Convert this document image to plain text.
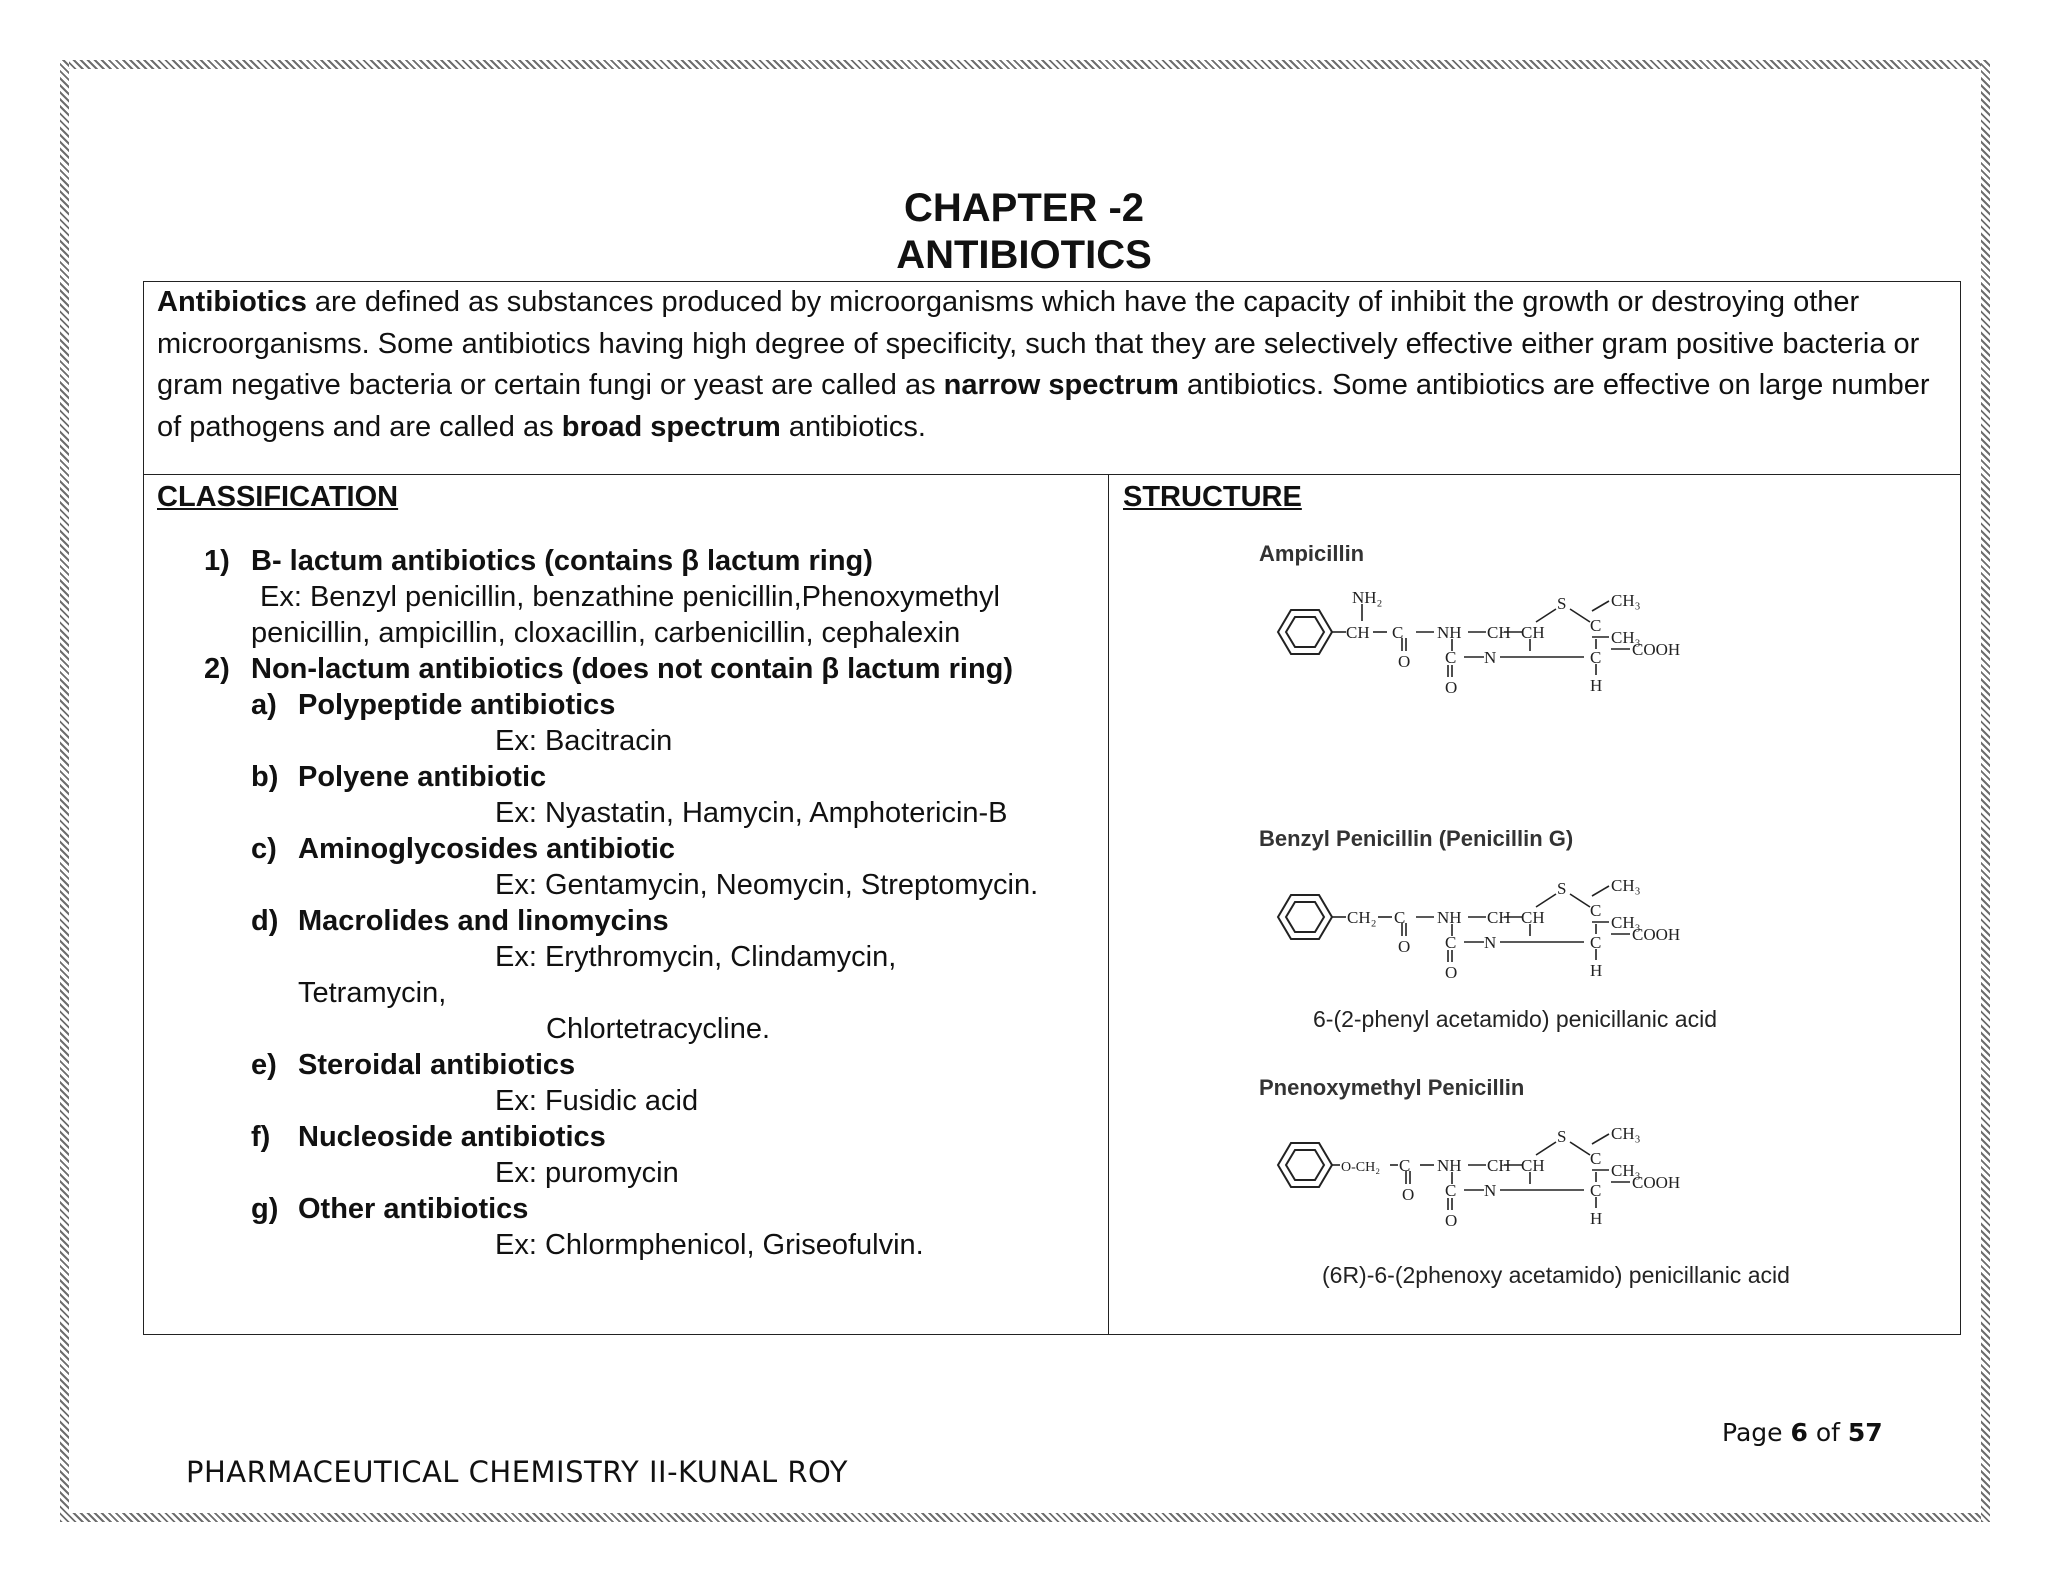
CHAPTER -2
ANTIBIOTICS
Antibiotics are defined as substances produced by microorganisms which have the capacity of inhibit the growth or destroying other microorganisms. Some antibiotics having high degree of specificity, such that they are selectively effective either gram positive bacteria or gram negative bacteria or certain fungi or yeast are called as narrow spectrum antibiotics. Some antibiotics are effective on large number of pathogens and are called as broad spectrum antibiotics.
CLASSIFICATION	STRUCTURE
1) B- lactum antibiotics (contains β lactum ring)
Ex: Benzyl penicillin, benzathine penicillin,Phenoxymethyl
penicillin, ampicillin, cloxacillin, carbenicillin, cephalexin
2) Non-lactum antibiotics (does not contain β lactum ring)
a) Polypeptide antibiotics
Ex: Bacitracin
b) Polyene antibiotic
Ex: Nyastatin, Hamycin, Amphotericin-B
c) Aminoglycosides antibiotic
Ex: Gentamycin, Neomycin, Streptomycin.
d) Macrolides and linomycins
Ex: Erythromycin, Clindamycin,
Tetramycin,
Chlortetracycline.
e) Steroidal antibiotics
Ex: Fusidic acid
f) Nucleoside antibiotics
Ex: puromycin
g) Other antibiotics
Ex: Chlormphenicol, Griseofulvin.
Ampicillin
NH₂
CH C NH
O
CH CH
S
C
CH₃
CH₃
C N	C COOH
O	H
Benzyl Penicillin (Penicillin G)
CH₂ C NH
O
CH CH
S
C
CH₃
CH₃
C N	C COOH
O	H
6-(2-phenyl acetamido) penicillanic acid
Pnenoxymethyl Penicillin
O-CH₂ C NH
O
CH CH
S
C
CH₃
CH₃
C N	C COOH
O	H
(6R)-6-(2phenoxy acetamido) penicillanic acid
Page 6 of 57
PHARMACEUTICAL CHEMISTRY II-KUNAL ROY
